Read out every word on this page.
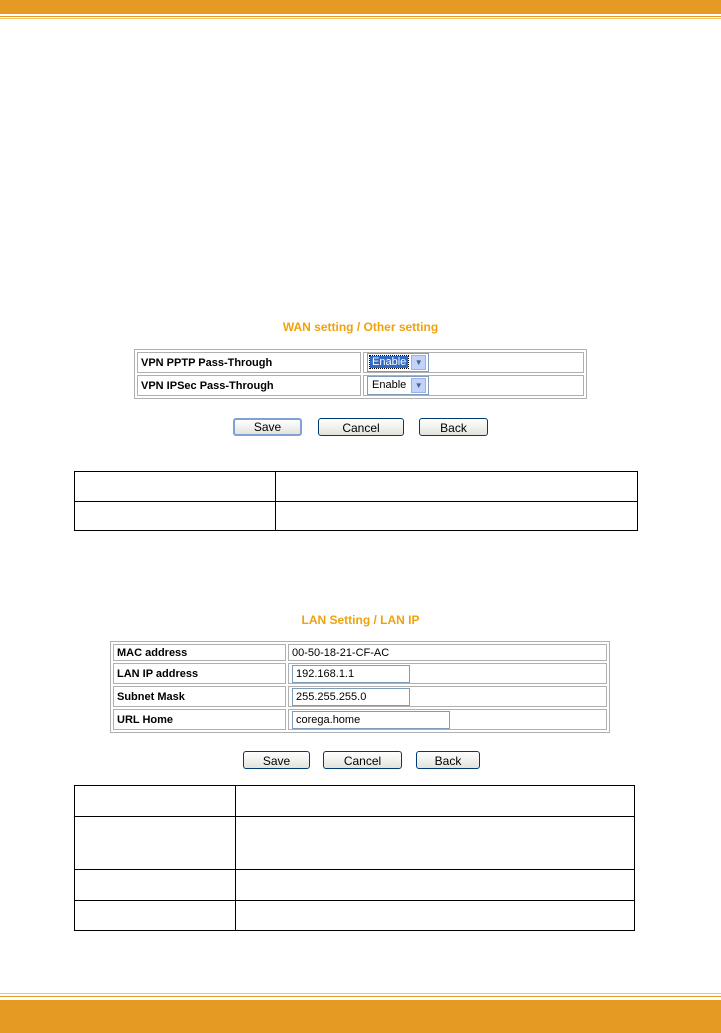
WAN setting / Other setting
VPN PPTP Pass-Through	Enable ▼
VPN IPSec Pass-Through	Enable ▼
Save	Cancel	Back

LAN Setting / LAN IP
MAC address	00-50-18-21-CF-AC
LAN IP address	192.168.1.1
Subnet Mask	255.255.255.0
URL Home	corega.home
Save	Cancel	Back
